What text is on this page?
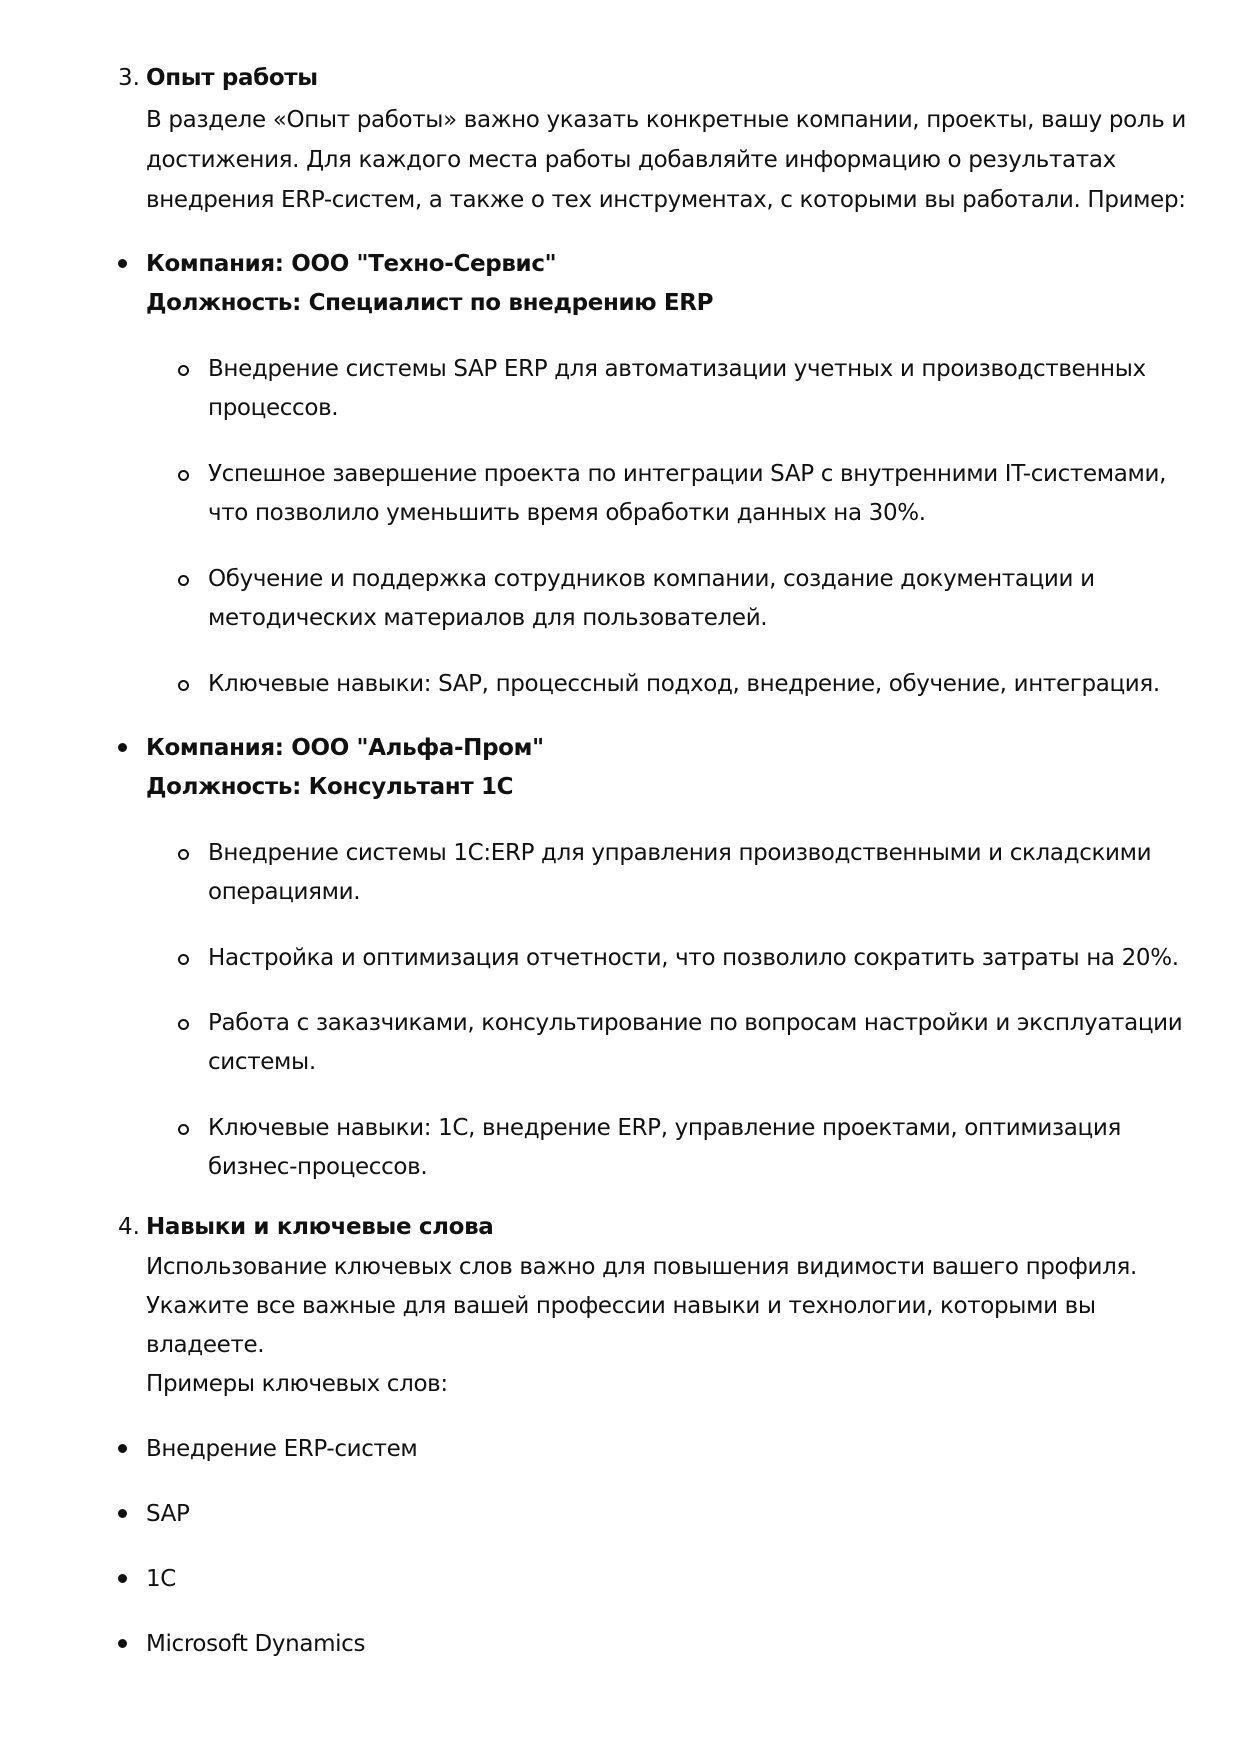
3. Опыт работы
В разделе «Опыт работы» важно указать конкретные компании, проекты, вашу роль и
достижения. Для каждого места работы добавляйте информацию о результатах
внедрения ERP-систем, а также о тех инструментах, с которыми вы работали. Пример:
Компания: ООО "Техно-Сервис"
Должность: Специалист по внедрению ERP
Внедрение системы SAP ERP для автоматизации учетных и производственных
процессов.
Успешное завершение проекта по интеграции SAP с внутренними IT-системами,
что позволило уменьшить время обработки данных на 30%.
Обучение и поддержка сотрудников компании, создание документации и
методических материалов для пользователей.
Ключевые навыки: SAP, процессный подход, внедрение, обучение, интеграция.
Компания: ООО "Альфа-Пром"
Должность: Консультант 1С
Внедрение системы 1С:ERP для управления производственными и складскими
операциями.
Настройка и оптимизация отчетности, что позволило сократить затраты на 20%.
Работа с заказчиками, консультирование по вопросам настройки и эксплуатации
системы.
Ключевые навыки: 1С, внедрение ERP, управление проектами, оптимизация
бизнес-процессов.
4. Навыки и ключевые слова
Использование ключевых слов важно для повышения видимости вашего профиля.
Укажите все важные для вашей профессии навыки и технологии, которыми вы
владеете.
Примеры ключевых слов:
Внедрение ERP-систем
SAP
1С
Microsoft Dynamics
